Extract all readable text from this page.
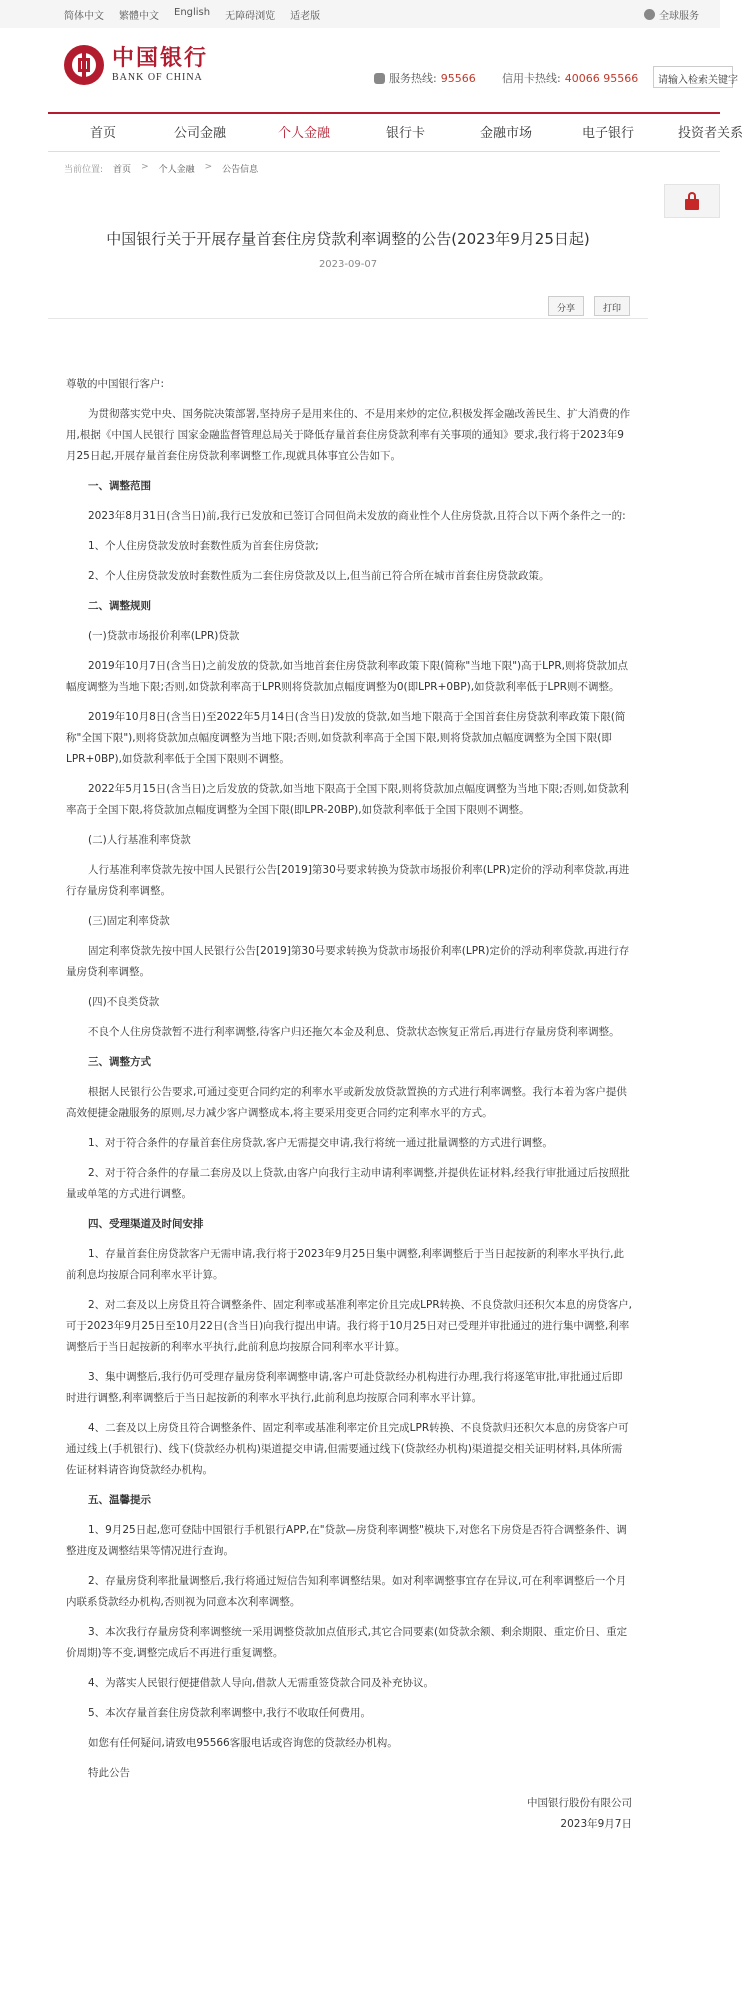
简体中文 繁體中文 English 无障碍浏览 适老版	全球服务
中国银行
BANK OF CHINA	服务热线: 95566 信用卡热线: 40066 95566	请输入检索关键字
首页	公司金融	个人金融	银行卡	金融市场	电子银行	投资者关系
当前位置: 首页 > 个人金融 > 公告信息
中国银行关于开展存量首套住房贷款利率调整的公告(2023年9月25日起)
2023-09-07
分享	打印

尊敬的中国银行客户:

为贯彻落实党中央、国务院决策部署,坚持房子是用来住的、不是用来炒的定位,积极发挥金融改善民生、扩大消费的作用,根据《中国人民银行 国家金融监督管理总局关于降低存量首套住房贷款利率有关事项的通知》要求,我行将于2023年9月25日起,开展存量首套住房贷款利率调整工作,现就具体事宜公告如下。

一、调整范围

2023年8月31日(含当日)前,我行已发放和已签订合同但尚未发放的商业性个人住房贷款,且符合以下两个条件之一的:

1、个人住房贷款发放时套数性质为首套住房贷款;

2、个人住房贷款发放时套数性质为二套住房贷款及以上,但当前已符合所在城市首套住房贷款政策。

二、调整规则

(一)贷款市场报价利率(LPR)贷款

2019年10月7日(含当日)之前发放的贷款,如当地首套住房贷款利率政策下限(简称"当地下限")高于LPR,则将贷款加点幅度调整为当地下限;否则,如贷款利率高于LPR则将贷款加点幅度调整为0(即LPR+0BP),如贷款利率低于LPR则不调整。

2019年10月8日(含当日)至2022年5月14日(含当日)发放的贷款,如当地下限高于全国首套住房贷款利率政策下限(简称"全国下限"),则将贷款加点幅度调整为当地下限;否则,如贷款利率高于全国下限,则将贷款加点幅度调整为全国下限(即LPR+0BP),如贷款利率低于全国下限则不调整。

2022年5月15日(含当日)之后发放的贷款,如当地下限高于全国下限,则将贷款加点幅度调整为当地下限;否则,如贷款利率高于全国下限,将贷款加点幅度调整为全国下限(即LPR-20BP),如贷款利率低于全国下限则不调整。

(二)人行基准利率贷款

人行基准利率贷款先按中国人民银行公告[2019]第30号要求转换为贷款市场报价利率(LPR)定价的浮动利率贷款,再进行存量房贷利率调整。

(三)固定利率贷款

固定利率贷款先按中国人民银行公告[2019]第30号要求转换为贷款市场报价利率(LPR)定价的浮动利率贷款,再进行存量房贷利率调整。

(四)不良类贷款

不良个人住房贷款暂不进行利率调整,待客户归还拖欠本金及利息、贷款状态恢复正常后,再进行存量房贷利率调整。

三、调整方式

根据人民银行公告要求,可通过变更合同约定的利率水平或新发放贷款置换的方式进行利率调整。我行本着为客户提供高效便捷金融服务的原则,尽力减少客户调整成本,将主要采用变更合同约定利率水平的方式。

1、对于符合条件的存量首套住房贷款,客户无需提交申请,我行将统一通过批量调整的方式进行调整。

2、对于符合条件的存量二套房及以上贷款,由客户向我行主动申请利率调整,并提供佐证材料,经我行审批通过后按照批量或单笔的方式进行调整。

四、受理渠道及时间安排

1、存量首套住房贷款客户无需申请,我行将于2023年9月25日集中调整,利率调整后于当日起按新的利率水平执行,此前利息均按原合同利率水平计算。

2、对二套及以上房贷且符合调整条件、固定利率或基准利率定价且完成LPR转换、不良贷款归还积欠本息的房贷客户,可于2023年9月25日至10月22日(含当日)向我行提出申请。我行将于10月25日对已受理并审批通过的进行集中调整,利率调整后于当日起按新的利率水平执行,此前利息均按原合同利率水平计算。

3、集中调整后,我行仍可受理存量房贷利率调整申请,客户可赴贷款经办机构进行办理,我行将逐笔审批,审批通过后即时进行调整,利率调整后于当日起按新的利率水平执行,此前利息均按原合同利率水平计算。

4、二套及以上房贷且符合调整条件、固定利率或基准利率定价且完成LPR转换、不良贷款归还积欠本息的房贷客户可通过线上(手机银行)、线下(贷款经办机构)渠道提交申请,但需要通过线下(贷款经办机构)渠道提交相关证明材料,具体所需佐证材料请咨询贷款经办机构。

五、温馨提示

1、9月25日起,您可登陆中国银行手机银行APP,在"贷款—房贷利率调整"模块下,对您名下房贷是否符合调整条件、调整进度及调整结果等情况进行查询。

2、存量房贷利率批量调整后,我行将通过短信告知利率调整结果。如对利率调整事宜存在异议,可在利率调整后一个月内联系贷款经办机构,否则视为同意本次利率调整。

3、本次我行存量房贷利率调整统一采用调整贷款加点值形式,其它合同要素(如贷款余额、剩余期限、重定价日、重定价周期)等不变,调整完成后不再进行重复调整。

4、为落实人民银行便捷借款人导向,借款人无需重签贷款合同及补充协议。

5、本次存量首套住房贷款利率调整中,我行不收取任何费用。

如您有任何疑问,请致电95566客服电话或咨询您的贷款经办机构。

特此公告

中国银行股份有限公司

2023年9月7日
